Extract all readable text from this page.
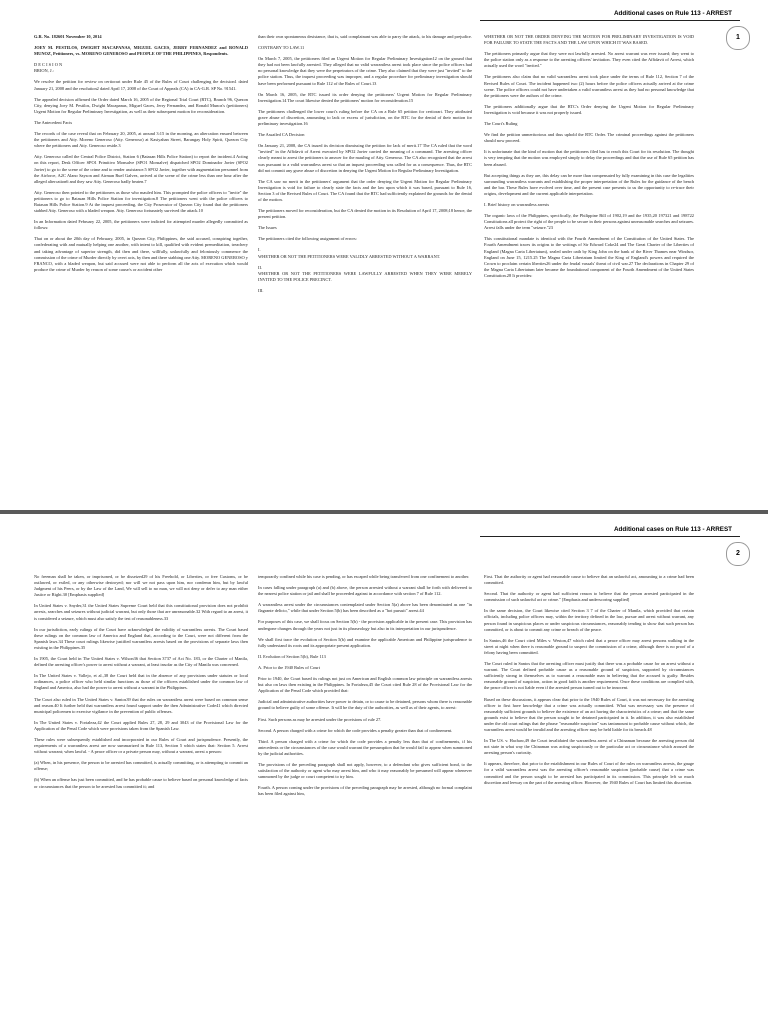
Additional cases on Rule 113 - ARREST
1

G.R. No. 182601 November 10, 2014

JOEY M. PESTILOS, DWIGHT MACAPANAS, MIGUEL GACES, JERRY FERNANDEZ and RONALD MUNOZ, Petitioners, vs. MORENO GENEROSO and PEOPLE OF THE PHILIPPINES, Respondents.

D E C I S I O N
BRION, J.:

We resolve the petition for review on certiorari under Rule 45 of the Rules of Court challenging the decision1 dated January 21, 2008 and the resolution2 dated April 17, 2008 of the Court of Appeals (CA) in CA-G.R. SP No. 91541.

The appealed decision affirmed the Order dated March 16, 2005 of the Regional Trial Court (RTC), Branch 96, Quezon City, denying Joey M. Pestilos, Dwight Macapanas, Miguel Gaces, Jerry Fernandez, and Ronald Munoz's (petitioners) Urgent Motion for Regular Preliminary Investigation, as well as their subsequent motion for reconsideration.

The Antecedent Facts

The records of the case reveal that on February 20, 2005, at around 3:15 in the morning, an altercation ensued between the petitioners and Atty. Moreno Generoso (Atty. Generoso) at Kasiyahan Street, Barangay Holy Spirit, Quezon City where the petitioners and Atty. Generoso reside.3

Atty. Generoso called the Central Police District, Station 6 (Batasan Hills Police Station) to report the incident.4 Acting on this report, Desk Officer SPO1 Primitivo Monsalve (SPO1 Monsalve) dispatched SPO2 Dominador Javier (SPO2 Javier) to go to the scene of the crime and to render assistance.5 SPO2 Javier, together with augmentation personnel from the Airforce, A2C Alano Sayson and Airman Ruel Galvez, arrived at the scene of the crime less than one hour after the alleged altercation6 and they saw Atty. Generoso badly beaten.7

Atty. Generoso then pointed to the petitioners as those who mauled him. This prompted the police officers to "invite" the petitioners to go to Batasan Hills Police Station for investigation.8 The petitioners went with the police officers to Batasan Hills Police Station.9 At the inquest proceeding, the City Prosecutor of Quezon City found that the petitioners stabbed Atty. Generoso with a bladed weapon. Atty. Generoso fortunately survived the attack.10

In an Information dated February 22, 2005, the petitioners were indicted for attempted murder allegedly committed as follows:

That on or about the 20th day of February, 2005, in Quezon City, Philippines, the said accused, conspiring together, confederating with and mutually helping one another, with intent to kill, qualified with evident premeditation, treachery and taking advantage of superior strength, did then and there, willfully, unlawfully and feloniously commence the commission of the crime of Murder directly by overt acts, by then and there stabbing one Atty. MORENO GENEROSO y FRANCO, with a bladed weapon, but said accused were not able to perform all the acts of execution which would produce the crime of Murder by reason of some cause/s or accident other

than their own spontaneous desistance, that is, said complainant was able to parry the attack, to his damage and prejudice.

CONTRARY TO LAW.11

On March 7, 2005, the petitioners filed an Urgent Motion for Regular Preliminary Investigation12 on the ground that they had not been lawfully arrested. They alleged that no valid warrantless arrest took place since the police officers had no personal knowledge that they were the perpetrators of the crime. They also claimed that they were just "invited" to the police station. Thus, the inquest proceeding was improper, and a regular procedure for preliminary investigation should have been performed pursuant to Rule 112 of the Rules of Court.13

On March 16, 2005, the RTC issued its order denying the petitioners' Urgent Motion for Regular Preliminary Investigation.14 The court likewise denied the petitioners' motion for reconsideration.15

The petitioners challenged the lower court's ruling before the CA on a Rule 65 petition for certiorari. They attributed grave abuse of discretion, amounting to lack or excess of jurisdiction, on the RTC for the denial of their motion for preliminary investigation.16

The Assailed CA Decision

On January 21, 2008, the CA issued its decision dismissing the petition for lack of merit.17 The CA ruled that the word "invited" in the Affidavit of Arrest executed by SPO2 Javier carried the meaning of a command. The arresting officer clearly meant to arrest the petitioners to answer for the mauling of Atty. Generoso. The CA also recognized that the arrest was pursuant to a valid warrantless arrest so that an inquest proceeding was called for as a consequence. Thus, the RTC did not commit any grave abuse of discretion in denying the Urgent Motion for Regular Preliminary Investigation.

The CA saw no merit in the petitioners' argument that the order denying the Urgent Motion for Regular Preliminary Investigation is void for failure to clearly state the facts and the law upon which it was based, pursuant to Rule 16, Section 3 of the Revised Rules of Court. The CA found that the RTC had sufficiently explained the grounds for the denial of the motion.

The petitioners moved for reconsideration, but the CA denied the motion in its Resolution of April 17, 2008;18 hence, the present petition.

The Issues

The petitioners cited the following assignment of errors:

I.
WHETHER OR NOT THE PETITIONERS WERE VALIDLY ARRESTED WITHOUT A WARRANT.

II.
WHETHER OR NOT THE PETITIONERS WERE LAWFULLY ARRESTED WHEN THEY WERE MERELY INVITED TO THE POLICE PRECINCT.

III.

WHETHER OR NOT THE ORDER DENYING THE MOTION FOR PRELIMINARY INVESTIGATION IS VOID FOR FAILURE TO STATE THE FACTS AND THE LAW UPON WHICH IT WAS BASED.

The petitioners primarily argue that they were not lawfully arrested. No arrest warrant was ever issued; they went to the police station only as a response to the arresting officers' invitation. They even cited the Affidavit of Arrest, which actually used the word "invited."

The petitioners also claim that no valid warrantless arrest took place under the terms of Rule 112, Section 7 of the Revised Rules of Court. The incident happened two (2) hours before the police officers actually arrived at the crime scene. The police officers could not have undertaken a valid warrantless arrest as they had no personal knowledge that the petitioners were the authors of the crime.

The petitioners additionally argue that the RTC's Order denying the Urgent Motion for Regular Preliminary Investigation is void because it was not properly issued.

The Court's Ruling

We find the petition unmeritorious and thus uphold the RTC Order. The criminal proceedings against the petitioners should now proceed.

It is unfortunate that the kind of motion that the petitioners filed has to reach this Court for its resolution. The thought is very tempting that the motion was employed simply to delay the proceedings and that the use of Rule 65 petition has been abused.

But accepting things as they are, this delay can be more than compensated by fully examining in this case the legalities surrounding warrantless warrants and establishing the proper interpretation of the Rules for the guidance of the bench and the bar. These Rules have evolved over time, and the present case presents to us the opportunity to re-trace their origins, development and the current applicable interpretation.

I. Brief history on warrantless arrests

The organic laws of the Philippines, specifically, the Philippine Bill of 1902,19 and the 1935,20 197321 and 198722 Constitutions all protect the right of the people to be secure in their persons against unreasonable searches and seizures. Arrest falls under the term "seizure."23

This constitutional mandate is identical with the Fourth Amendment of the Constitution of the United States. The Fourth Amendment traces its origins to the writings of Sir Edward Coke24 and The Great Charter of the Liberties of England (Magna Carta Libertatum), sealed under oath by King John on the bank of the River Thames near Windsor, England on June 15, 1215.25 The Magna Carta Libertatum limited the King of England's powers and required the Crown to proclaim certain liberties26 under the feudal vassals' threat of civil war.27 The declarations in Chapter 29 of the Magna Carta Libertatum later became the foundational component of the Fourth Amendment of the United States Constitution.28 It provides:

Additional cases on Rule 113 - ARREST
2

No freeman shall be taken, or imprisoned, or be disseized29 of his Freehold, or Liberties, or free Customs, or be outlawed, or exiled, or any otherwise destroyed; nor will we not pass upon him, nor condemn him, but by lawful Judgment of his Peers, or by the Law of the Land, We will sell to no man, we will not deny or defer to any man either Justice or Right.30 [Emphasis supplied]

In United States v. Snyder,31 the United States Supreme Court held that this constitutional provision does not prohibit arrests, searches and seizures without judicial warrant, but only those that are unreasonable.32 With regard to an arrest, it is considered a seizure, which must also satisfy the test of reasonableness.33

In our jurisdiction, early rulings of the Court have acknowledged the validity of warrantless arrests. The Court based these rulings on the common law of America and England that, according to the Court, were not different from the Spanish laws.34 These court rulings likewise justified warrantless arrests based on the provisions of separate laws then existing in the Philippines.35

In 1905, the Court held in The United States v. Wilson36 that Section 3737 of Act No. 183, or the Charter of Manila, defined the arresting officer's power to arrest without a warrant, at least insofar as the City of Manila was concerned.

In The United States v. Vallejo, et al.,38 the Court held that in the absence of any provisions under statutes or local ordinances, a police officer who held similar functions as those of the officers established under the common law of England and America, also had the power to arrest without a warrant in the Philippines.

The Court also ruled in The United States v. Santos39 that the rules on warrantless arrest were based on common sense and reason.40 It further held that warrantless arrest found support under the then Administrative Code41 which directed municipal policemen to exercise vigilance in the prevention of public offenses.

In The United States v. Fortaleza,42 the Court applied Rules 27, 28, 29 and 3043 of the Provisional Law for the Application of the Penal Code which were provisions taken from the Spanish Law.

These rules were subsequently established and incorporated in our Rules of Court and jurisprudence. Presently, the requirements of a warrantless arrest are now summarized in Rule 113, Section 5 which states that: Section 5. Arrest without warrant; when lawful. - A peace officer or a private person may, without a warrant, arrest a person:

(a) When, in his presence, the person to be arrested has committed, is actually committing, or is attempting to commit an offense;

(b) When an offense has just been committed, and he has probable cause to believe based on personal knowledge of facts or circumstances that the person to be arrested has committed it; and

temporarily confined while his case is pending, or has escaped while being transferred from one confinement to another.

In cases falling under paragraph (a) and (b) above, the person arrested without a warrant shall be forth with delivered to the nearest police station or jail and shall be proceeded against in accordance with section 7 of Rule 112.

A warrantless arrest under the circumstances contemplated under Section 5(a) above has been denominated as one "in flagrante delicto," while that under Section 5(b) has been described as a "hot pursuit" arrest.44

For purposes of this case, we shall focus on Section 5(b) - the provision applicable in the present case. This provision has undergone changes through the years not just in its phraseology but also in its interpretation in our jurisprudence.

We shall first trace the evolution of Section 5(b) and examine the applicable American and Philippine jurisprudence to fully understand its roots and its appropriate present application.

II. Evolution of Section 5(b), Rule 113

A. Prior to the 1940 Rules of Court

Prior to 1940, the Court based its rulings not just on American and English common law principle on warrantless arrests but also on laws then existing in the Philippines. In Fortaleza,45 the Court cited Rule 28 of the Provisional Law for the Application of the Penal Code which provided that:

Judicial and administrative authorities have power to detain, or to cause to be detained, persons whom there is reasonable ground to believe guilty of some offense. It will be the duty of the authorities, as well as of their agents, to arrest:

First. Such persons as may be arrested under the provisions of rule 27.

Second. A person charged with a crime for which the code provides a penalty greater than that of confinement.

Third. A person charged with a crime for which the code provides a penalty less than that of confinements, if his antecedents or the circumstances of the case would warrant the presumption that he would fail to appear when summoned by the judicial authorities.

The provisions of the preceding paragraph shall not apply, however, to a defendant who gives sufficient bond, to the satisfaction of the authority or agent who may arrest him, and who it may reasonably be presumed will appear whenever summoned by the judge or court competent to try him.

Fourth. A person coming under the provisions of the preceding paragraph may be arrested, although no formal complaint has been filed against him,

First. That the authority or agent had reasonable cause to believe that an unlawful act, amounting to a crime had been committed.

Second. That the authority or agent had sufficient reason to believe that the person arrested participated in the commission of such unlawful act or crime." [Emphasis and underscoring supplied]

In the same decision, the Court likewise cited Section 3 7 of the Charter of Manila, which provided that certain officials, including police officers may, within the territory defined in the law, pursue and arrest without warrant, any person found in suspicious places or under suspicious circumstances, reasonably tending to show that such person has committed, or is about to commit any crime or breach of the peace.

In Santos,46 the Court cited Miles v. Weston,47 which ruled that a peace officer may arrest persons walking in the street at night when there is reasonable ground to suspect the commission of a crime, although there is no proof of a felony having been committed.

The Court ruled in Santos that the arresting officer must justify that there was a probable cause for an arrest without a warrant. The Court defined probable cause as a reasonable ground of suspicion, supported by circumstances sufficiently strong in themselves as to warrant a reasonable man in believing that the accused is guilty. Besides reasonable ground of suspicion, action in good faith is another requirement. Once these conditions are complied with, the peace officer is not liable even if the arrested person turned out to be innocent.

Based on these discussions, it appears clear that prior to the 1940 Rules of Court, it was not necessary for the arresting officer to first have knowledge that a crime was actually committed. What was necessary was the presence of reasonably sufficient grounds to believe the existence of an act having the characteristics of a crime; and that the same grounds exist to believe that the person sought to be detained participated in it. In addition, it was also established under the old court rulings that the phrase "reasonable suspicion" was tantamount to probable cause without which, the warrantless arrest would be invalid and the arresting officer may be held liable for its breach.48

In The US. v. Hachaw,49 the Court invalidated the warrantless arrest of a Chinaman because the arresting person did not state in what way the Chinaman was acting suspiciously or the particular act or circumstance which aroused the arresting person's curiosity.

It appears, therefore, that prior to the establishment in our Rules of Court of the rules on warrantless arrests, the gauge for a valid warrantless arrest was the arresting officer's reasonable suspicion (probable cause) that a crime was committed and the person sought to be arrested has participated in its commission. This principle left so much discretion and leeway on the part of the arresting officer. However, the 1940 Rules of Court has limited this discretion.
